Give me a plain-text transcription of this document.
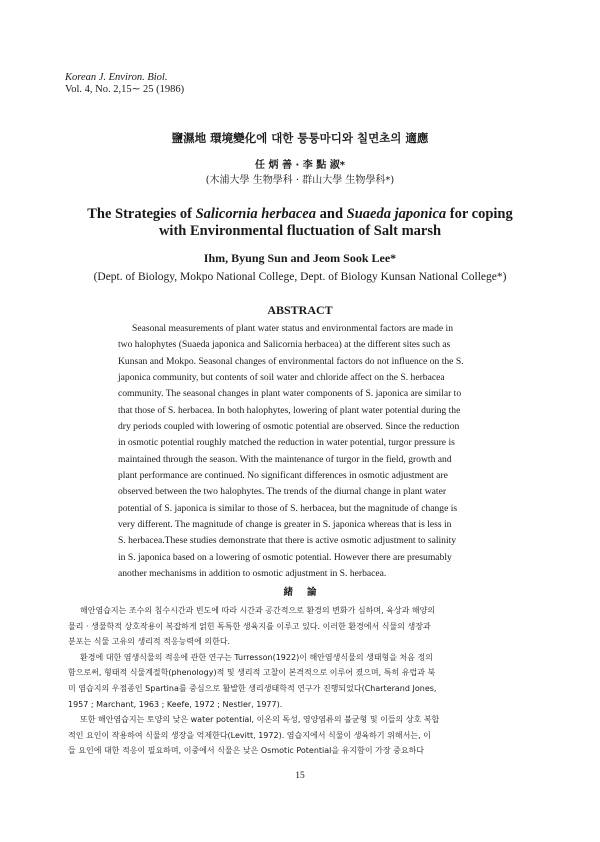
Korean J. Environ. Biol.
Vol. 4, No. 2,15∼ 25 (1986)
鹽濕地 環境變化에 대한 퉁퉁마디와 칠면초의 適應
任 炳 善 · 李 點 淑*
(木浦大學 生物學科 · 群山大學 生物學科*)
The Strategies of Salicornia herbacea and Suaeda japonica for coping
with Environmental fluctuation of Salt marsh
Ihm, Byung Sun and Jeom Sook Lee*
(Dept. of Biology, Mokpo National College, Dept. of Biology Kunsan National College*)
ABSTRACT
Seasonal measurements of plant water status and environmental factors are made in
two halophytes (Suaeda japonica and Salicornia herbacea) at the different sites such as
Kunsan and Mokpo. Seasonal changes of environmental factors do not influence on the S.
japonica community, but contents of soil water and chloride affect on the S. herbacea
community. The seasonal changes in plant water components of S. japonica are similar to
that those of S. herbacea. In both halophytes, lowering of plant water potential during the
dry periods coupled with lowering of osmotic potential are observed. Since the reduction
in osmotic potential roughly matched the reduction in water potential, turgor pressure is
maintained through the season. With the maintenance of turgor in the field, growth and
plant performance are continued. No significant differences in osmotic adjustment are
observed between the two halophytes. The trends of the diurnal change in plant water
potential of S. japonica is similar to those of S. herbacea, but the magnitude of change is
very different. The magnitude of change is greater in S. japonica whereas that is less in
S. herbacea.These studies demonstrate that there is active osmotic adjustment to salinity
in S. japonica based on a lowering of osmotic potential. However there are presumably
another mechanisms in addition to osmotic adjustment in S. herbacea.
緒論
해안염습지는 조수의 침수시간과 빈도에 따라 시간과 공간적으로 환경의 변화가 심하며, 육상과 해양의
물리 · 생물학적 상호작용이 복잡하게 얽힌 독특한 생육지를 이루고 있다. 이러한 환경에서 식물의 생장과
분포는 식물 고유의 생리적 적응능력에 의한다.
환경에 대한 염생식물의 적응에 관한 연구는 Turresson(1922)이 해안염생식물의 생태형을 처음 정의
함으로써, 형태적 식물계절학(phenology)적 및 생리적 고찰이 본격적으로 이루어 졌으며, 특히 유럽과 북
미 염습지의 우점종인 Spartina를 중심으로 활발한 생리생태학적 연구가 진행되었다(Charterand Jones,
1957 ; Marchant, 1963 ; Keefe, 1972 ; Nestler, 1977).
또한 해안염습지는 토양의 낮은 water potential, 이온의 독성, 영양염류의 불균형 및 이들의 상호 복합
적인 요인이 작용하여 식물의 생장을 억제한다(Levitt, 1972). 염습지에서 식물이 생육하기 위해서는, 이
들 요인에 대한 적응이 필요하며, 이중에서 식물은 낮은 Osmotic Potential을 유지함이 가장 중요하다
15
